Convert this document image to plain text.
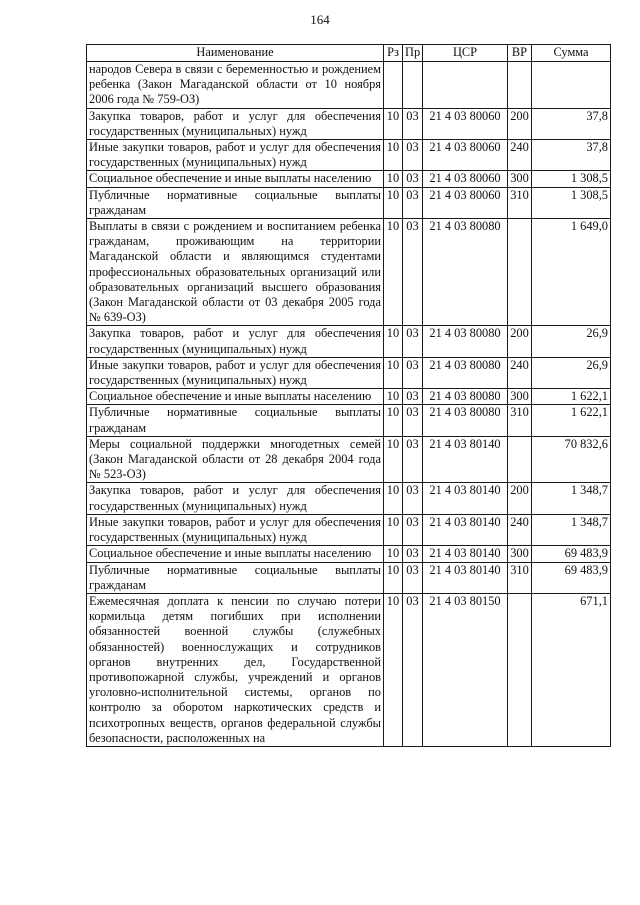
164
Наименование	Рз	Пр	ЦСР	ВР	Сумма
народов Севера в связи с беременностью и рождением ребенка (Закон Магаданской области от 10 ноября 2006 года № 759-ОЗ)					
Закупка товаров, работ и услуг для обеспечения государственных (муниципальных) нужд	10	03	21 4 03 80060	200	37,8
Иные закупки товаров, работ и услуг для обеспечения государственных (муниципальных) нужд	10	03	21 4 03 80060	240	37,8
Социальное обеспечение и иные выплаты населению	10	03	21 4 03 80060	300	1 308,5
Публичные нормативные социальные выплаты гражданам	10	03	21 4 03 80060	310	1 308,5
Выплаты в связи с рождением и воспитанием ребенка гражданам, проживающим на территории Магаданской области и являющимся студентами профессиональных образовательных организаций или образовательных организаций высшего образования (Закон Магаданской области от 03 декабря 2005 года № 639-ОЗ)	10	03	21 4 03 80080		1 649,0
Закупка товаров, работ и услуг для обеспечения государственных (муниципальных) нужд	10	03	21 4 03 80080	200	26,9
Иные закупки товаров, работ и услуг для обеспечения государственных (муниципальных) нужд	10	03	21 4 03 80080	240	26,9
Социальное обеспечение и иные выплаты населению	10	03	21 4 03 80080	300	1 622,1
Публичные нормативные социальные выплаты гражданам	10	03	21 4 03 80080	310	1 622,1
Меры социальной поддержки многодетных семей (Закон Магаданской области от 28 декабря 2004 года № 523-ОЗ)	10	03	21 4 03 80140		70 832,6
Закупка товаров, работ и услуг для обеспечения государственных (муниципальных) нужд	10	03	21 4 03 80140	200	1 348,7
Иные закупки товаров, работ и услуг для обеспечения государственных (муниципальных) нужд	10	03	21 4 03 80140	240	1 348,7
Социальное обеспечение и иные выплаты населению	10	03	21 4 03 80140	300	69 483,9
Публичные нормативные социальные выплаты гражданам	10	03	21 4 03 80140	310	69 483,9
Ежемесячная доплата к пенсии по случаю потери кормильца детям погибших при исполнении обязанностей военной службы (служебных обязанностей) военнослужащих и сотрудников органов внутренних дел, Государственной противопожарной службы, учреждений и органов уголовно-исполнительной системы, органов по контролю за оборотом наркотических средств и психотропных веществ, органов федеральной службы безопасности, расположенных на	10	03	21 4 03 80150		671,1
